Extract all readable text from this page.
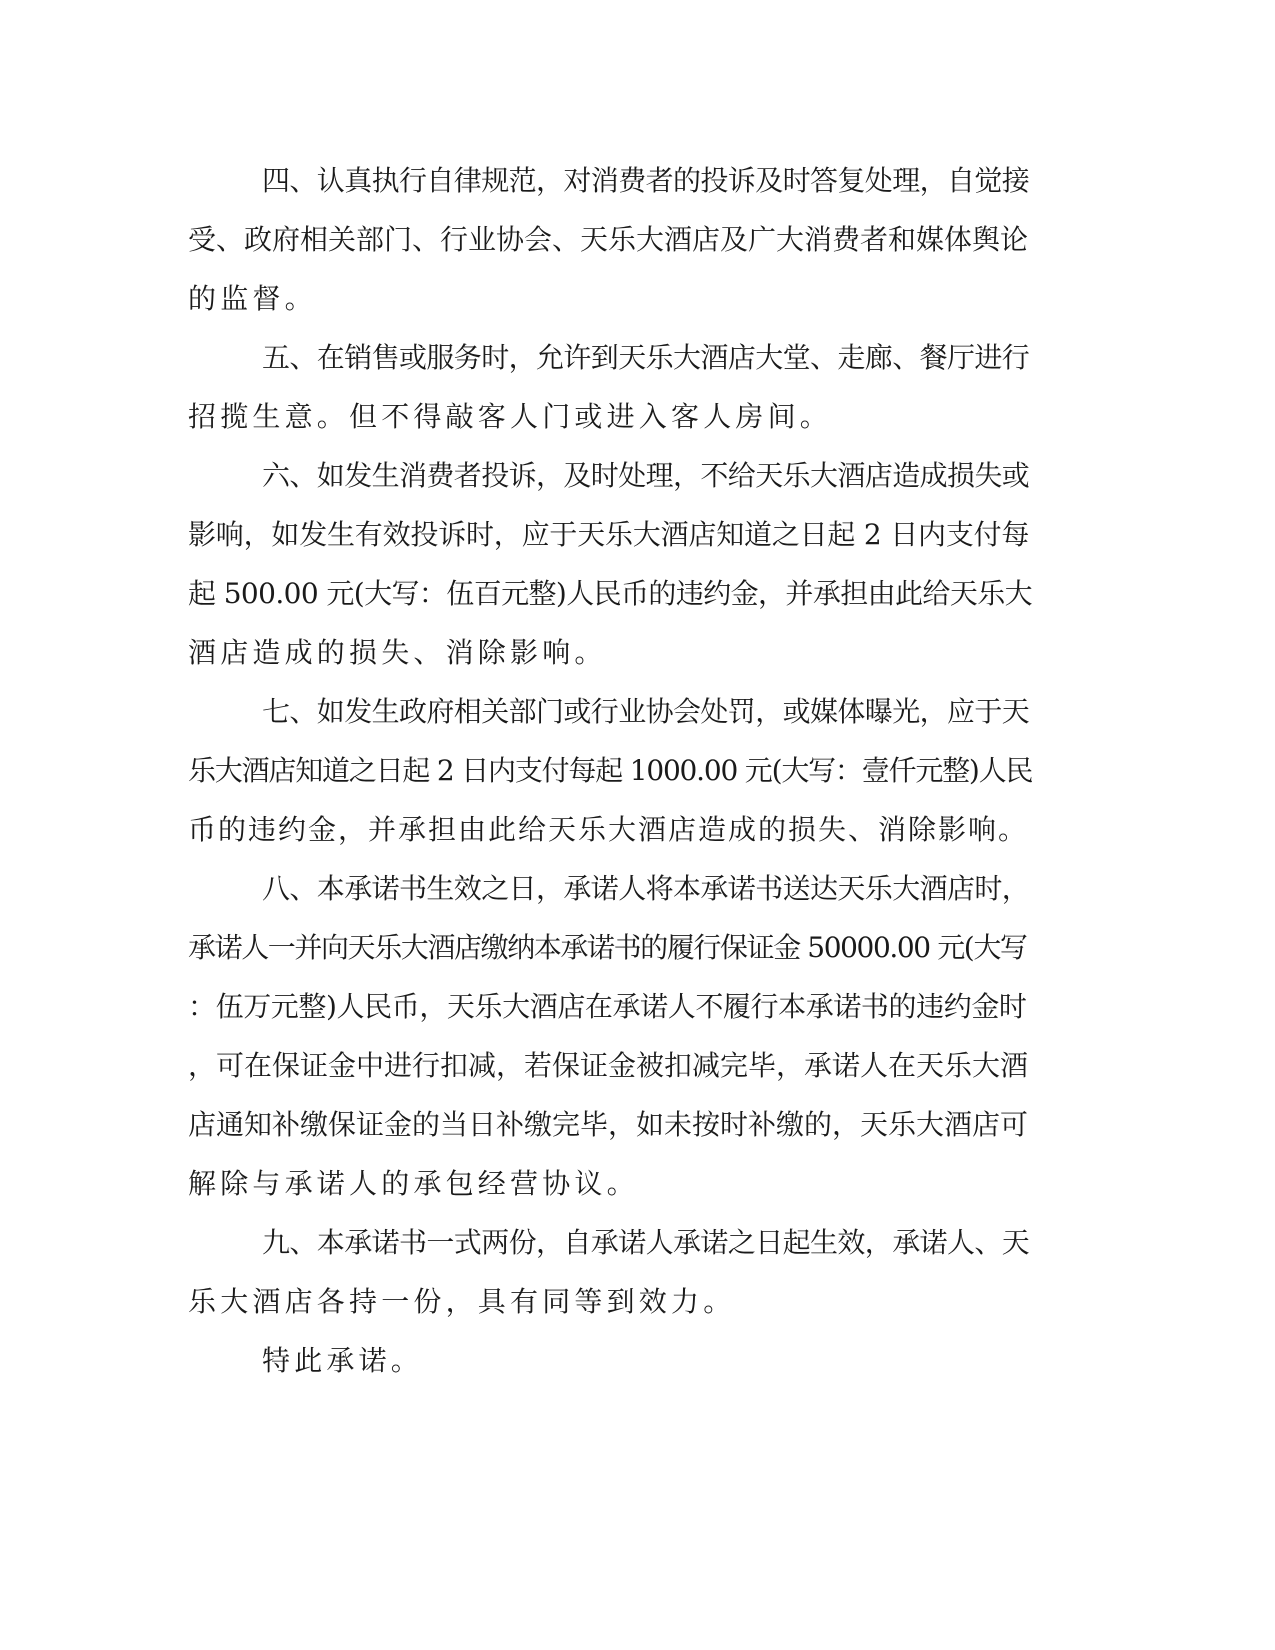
四、认真执行自律规范，对消费者的投诉及时答复处理，自觉接
受、政府相关部门、行业协会、天乐大酒店及广大消费者和媒体舆论
的监督。
五、在销售或服务时，允许到天乐大酒店大堂、走廊、餐厅进行
招揽生意。但不得敲客人门或进入客人房间。
六、如发生消费者投诉，及时处理，不给天乐大酒店造成损失或
影响，如发生有效投诉时，应于天乐大酒店知道之日起 2 日内支付每
起 500.00 元(大写：伍百元整)人民币的违约金，并承担由此给天乐大
酒店造成的损失、消除影响。
七、如发生政府相关部门或行业协会处罚，或媒体曝光，应于天
乐大酒店知道之日起 2 日内支付每起 1000.00 元(大写：壹仟元整)人民
币的违约金，并承担由此给天乐大酒店造成的损失、消除影响。
八、本承诺书生效之日，承诺人将本承诺书送达天乐大酒店时，
承诺人一并向天乐大酒店缴纳本承诺书的履行保证金 50000.00 元(大写
：伍万元整)人民币，天乐大酒店在承诺人不履行本承诺书的违约金时
，可在保证金中进行扣减，若保证金被扣减完毕，承诺人在天乐大酒
店通知补缴保证金的当日补缴完毕，如未按时补缴的，天乐大酒店可
解除与承诺人的承包经营协议。
九、本承诺书一式两份，自承诺人承诺之日起生效，承诺人、天
乐大酒店各持一份，具有同等到效力。
特此承诺。
